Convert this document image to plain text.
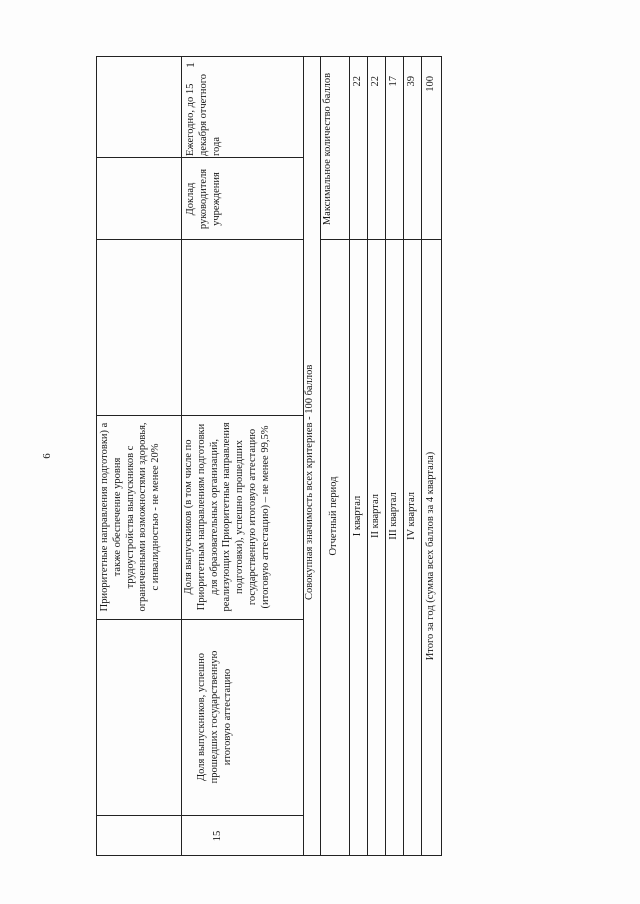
6	Приоритетные направления подготовки) а также обеспечение уровня трудоустройства выпускников с ограниченными возможностями здоровья, с инвалидностью - не менее 20%
15
Доля выпускников, успешно прошедших государственную итоговую аттестацию
Доля выпускников (в том числе по Приоритетным направлениям подготовки для образовательных организаций, реализующих Приоритетные направления подготовки), успешно прошедших государственную итоговую аттестацию (итоговую аттестацию) – не менее 99,5%
Доклад руководителя учреждения
Ежегодно, до 15 декабря отчетного года
1
Совокупная значимость всех критериев - 100 баллов Отчетный период
Максимальное количество баллов
I квартал
22
II квартал
22
III квартал
17
IV квартал
39
Итого за год (сумма всех баллов за 4 квартала)
100
